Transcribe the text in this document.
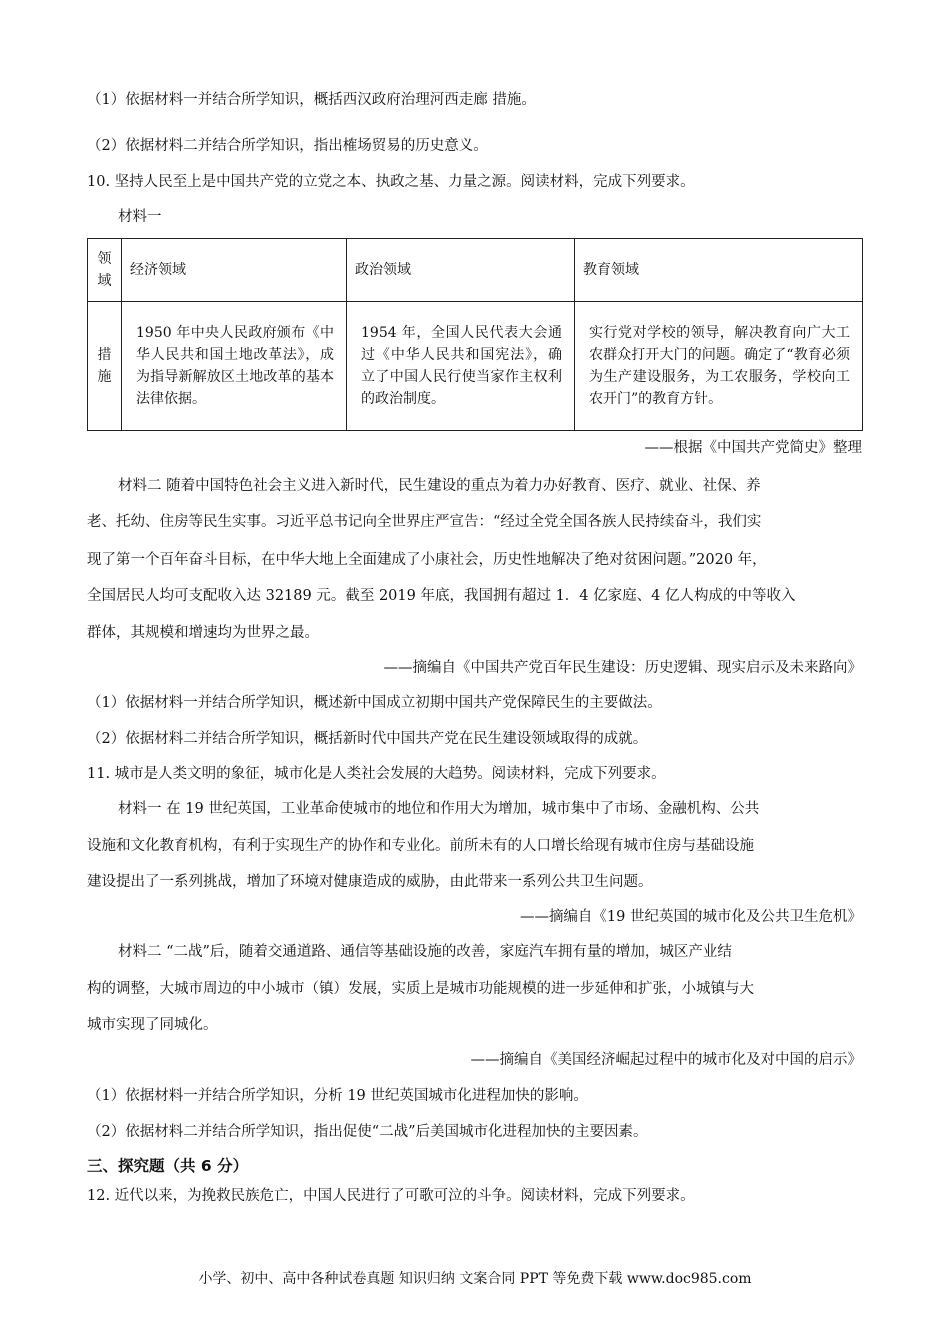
（1）依据材料一并结合所学知识，概括西汉政府治理河西走廊 措施。
（2）依据材料二并结合所学知识，指出榷场贸易的历史意义。
10. 坚持人民至上是中国共产党的立党之本、执政之基、力量之源。阅读材料，完成下列要求。
材料一
领域	经济领域	政治领域	教育领域
措施	1950 年中央人民政府颁布《中华人民共和国土地改革法》，成为指导新解放区土地改革的基本法律依据。	1954 年，全国人民代表大会通过《中华人民共和国宪法》，确立了中国人民行使当家作主权利的政治制度。	实行党对学校的领导，解决教育向广大工农群众打开大门的问题。确定了“教育必须为生产建设服务，为工农服务，学校向工农开门”的教育方针。
——根据《中国共产党简史》整理
材料二 随着中国特色社会主义进入新时代，民生建设的重点为着力办好教育、医疗、就业、社保、养
老、托幼、住房等民生实事。习近平总书记向全世界庄严宣告：“经过全党全国各族人民持续奋斗，我们实
现了第一个百年奋斗目标，在中华大地上全面建成了小康社会，历史性地解决了绝对贫困问题。”2020 年，
全国居民人均可支配收入达 32189 元。截至 2019 年底，我国拥有超过 1．4 亿家庭、4 亿人构成的中等收入
群体，其规模和增速均为世界之最。
——摘编自《中国共产党百年民生建设：历史逻辑、现实启示及未来路向》
（1）依据材料一并结合所学知识，概述新中国成立初期中国共产党保障民生的主要做法。
（2）依据材料二并结合所学知识，概括新时代中国共产党在民生建设领域取得的成就。
11. 城市是人类文明的象征，城市化是人类社会发展的大趋势。阅读材料，完成下列要求。
材料一 在 19 世纪英国，工业革命使城市的地位和作用大为增加，城市集中了市场、金融机构、公共
设施和文化教育机构，有利于实现生产的协作和专业化。前所未有的人口增长给现有城市住房与基础设施
建设提出了一系列挑战，增加了环境对健康造成的威胁，由此带来一系列公共卫生问题。
——摘编自《19 世纪英国的城市化及公共卫生危机》
材料二 “二战”后，随着交通道路、通信等基础设施的改善，家庭汽车拥有量的增加，城区产业结
构的调整，大城市周边的中小城市（镇）发展，实质上是城市功能规模的进一步延伸和扩张，小城镇与大
城市实现了同城化。
——摘编自《美国经济崛起过程中的城市化及对中国的启示》
（1）依据材料一并结合所学知识，分析 19 世纪英国城市化进程加快的影响。
（2）依据材料二并结合所学知识，指出促使“二战”后美国城市化进程加快的主要因素。
三、探究题（共 6 分）
12. 近代以来，为挽救民族危亡，中国人民进行了可歌可泣的斗争。阅读材料，完成下列要求。
小学、初中、高中各种试卷真题 知识归纳 文案合同 PPT 等免费下载 www.doc985.com
